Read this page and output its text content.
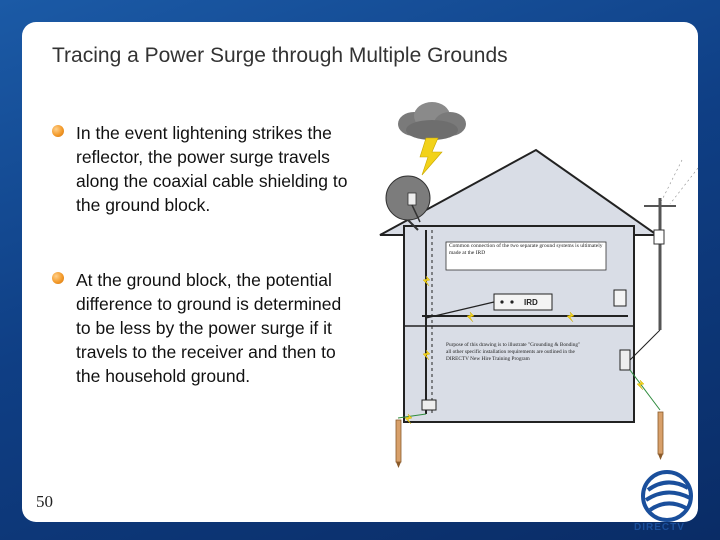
Tracing a Power Surge through Multiple Grounds
In the event lightening strikes the reflector, the power surge travels along the coaxial cable shielding to the ground block.
At the ground block, the potential difference to ground is determined to be less by the power surge if it travels to the receiver and then to the household ground.
50
Common connection of the two separate ground systems is ultimately made at the IRD
IRD
Purpose of this drawing is to illustrate "Grounding & Bonding" all other specific installation requirements are outlined in the DIRECTV New Hire Training Program
DIRECTV
